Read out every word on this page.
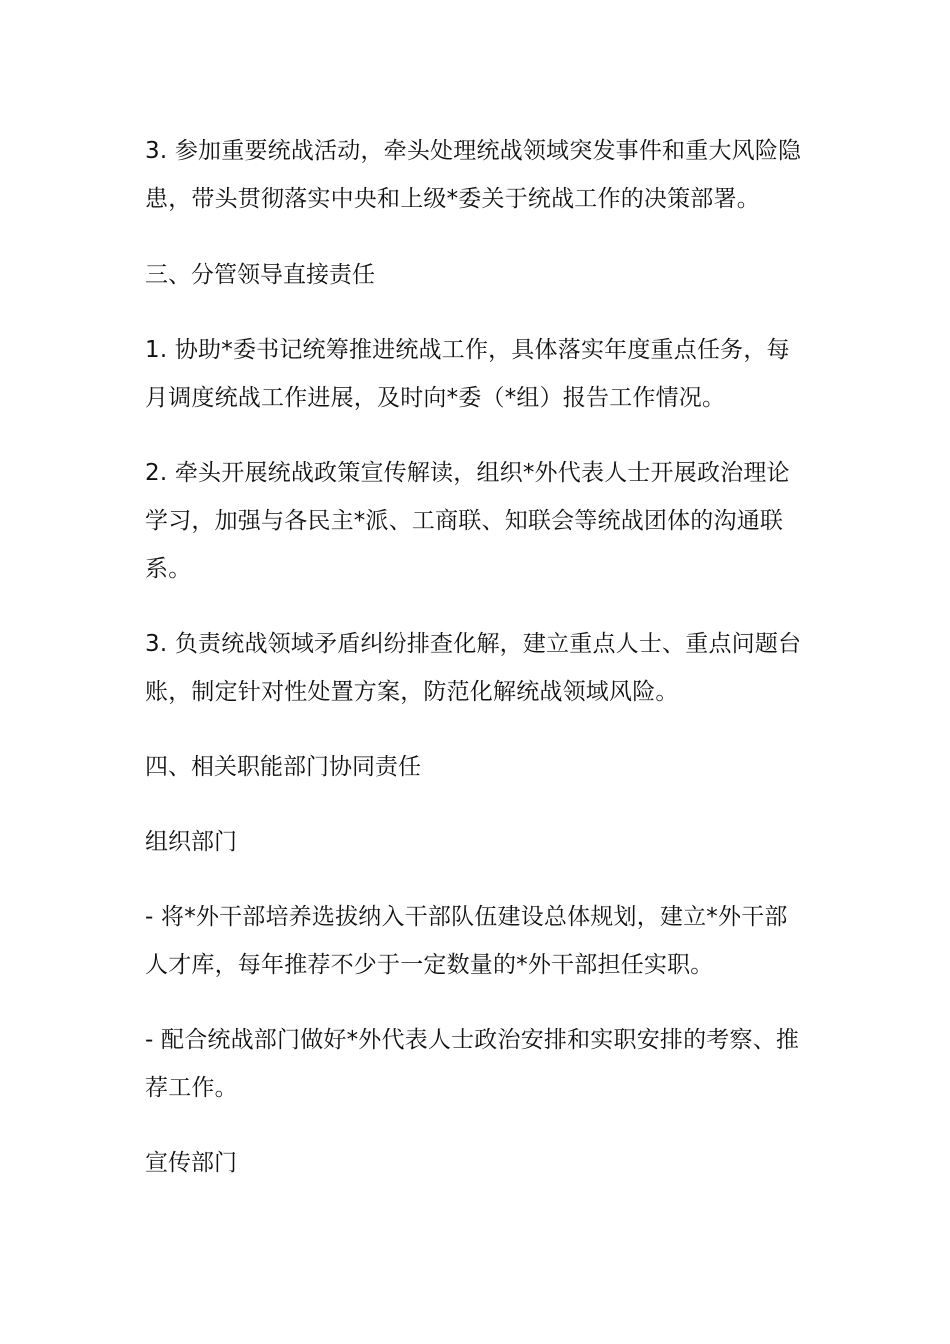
3. 参加重要统战活动，牵头处理统战领域突发事件和重大风险隐患，带头贯彻落实中央和上级*委关于统战工作的决策部署。

三、分管领导直接责任

1. 协助*委书记统筹推进统战工作，具体落实年度重点任务，每月调度统战工作进展，及时向*委（*组）报告工作情况。

2. 牵头开展统战政策宣传解读，组织*外代表人士开展政治理论学习，加强与各民主*派、工商联、知联会等统战团体的沟通联系。

3. 负责统战领域矛盾纠纷排查化解，建立重点人士、重点问题台账，制定针对性处置方案，防范化解统战领域风险。

四、相关职能部门协同责任

组织部门

- 将*外干部培养选拔纳入干部队伍建设总体规划，建立*外干部人才库，每年推荐不少于一定数量的*外干部担任实职。

- 配合统战部门做好*外代表人士政治安排和实职安排的考察、推荐工作。

宣传部门
